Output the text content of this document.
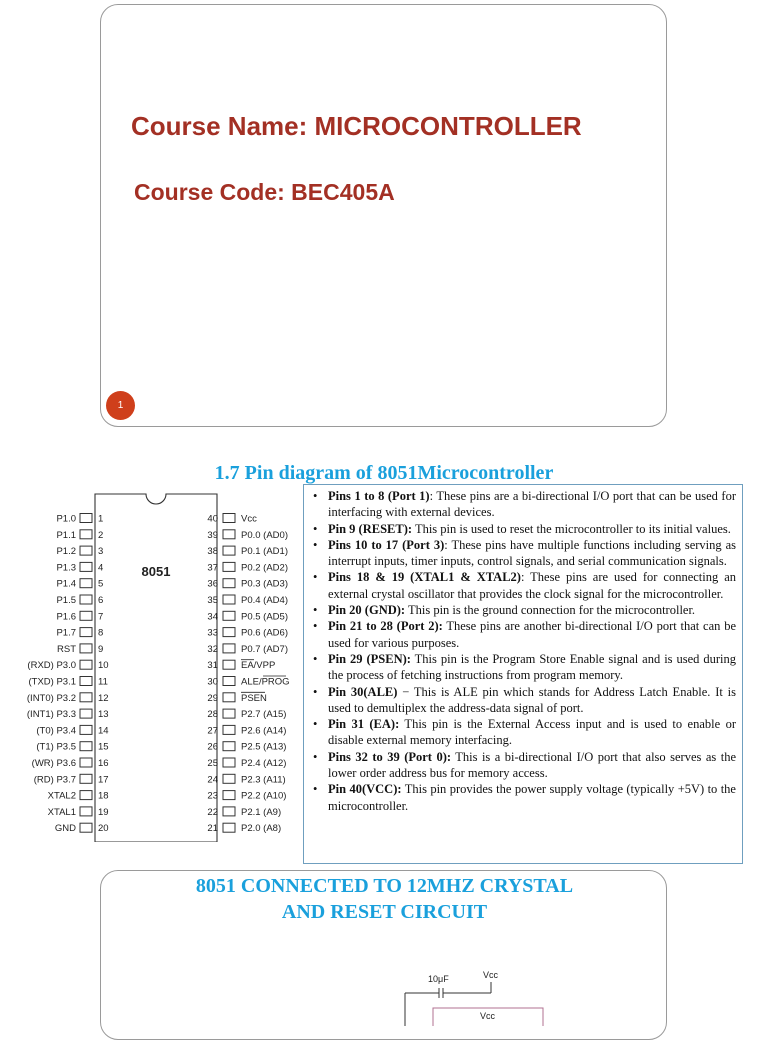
Course Name: MICROCONTROLLER
Course Code: BEC405A
1
1.7 Pin diagram of 8051Microcontroller
8051
P1.0 1
P1.1 2
P1.2 3
P1.3 4
P1.4 5
P1.5 6
P1.6 7
P1.7 8
RST 9
(RXD) P3.0 10
(TXD) P3.1 11
(INT0) P3.2 12
(INT1) P3.3 13
(T0) P3.4 14
(T1) P3.5 15
(WR) P3.6 16
(RD) P3.7 17
XTAL2 18
XTAL1 19
GND 20
40 Vcc
39 P0.0 (AD0)
38 P0.1 (AD1)
37 P0.2 (AD2)
36 P0.3 (AD3)
35 P0.4 (AD4)
34 P0.5 (AD5)
33 P0.6 (AD6)
32 P0.7 (AD7)
31 EA/VPP
30 ALE/PROG
29 PSEN
28 P2.7 (A15)
27 P2.6 (A14)
26 P2.5 (A13)
25 P2.4 (A12)
24 P2.3 (A11)
23 P2.2 (A10)
22 P2.1 (A9)
21 P2.0 (A8)
• Pins 1 to 8 (Port 1): These pins are a bi-directional I/O port that can be used for interfacing with external devices.
• Pin 9 (RESET): This pin is used to reset the microcontroller to its initial values.
• Pins 10 to 17 (Port 3): These pins have multiple functions including serving as interrupt inputs, timer inputs, control signals, and serial communication signals.
• Pins 18 & 19 (XTAL1 & XTAL2): These pins are used for connecting an external crystal oscillator that provides the clock signal for the microcontroller.
• Pin 20 (GND): This pin is the ground connection for the microcontroller.
• Pin 21 to 28 (Port 2): These pins are another bi-directional I/O port that can be used for various purposes.
• Pin 29 (PSEN): This pin is the Program Store Enable signal and is used during the process of fetching instructions from program memory.
• Pin 30(ALE) − This is ALE pin which stands for Address Latch Enable. It is used to demultiplex the address-data signal of port.
• Pin 31 (EA): This pin is the External Access input and is used to enable or disable external memory interfacing.
• Pins 32 to 39 (Port 0): This is a bi-directional I/O port that also serves as the lower order address bus for memory access.
• Pin 40(VCC): This pin provides the power supply voltage (typically +5V) to the microcontroller.
8051 CONNECTED TO 12MHZ CRYSTAL
AND RESET CIRCUIT
10μF	Vcc
Vcc
